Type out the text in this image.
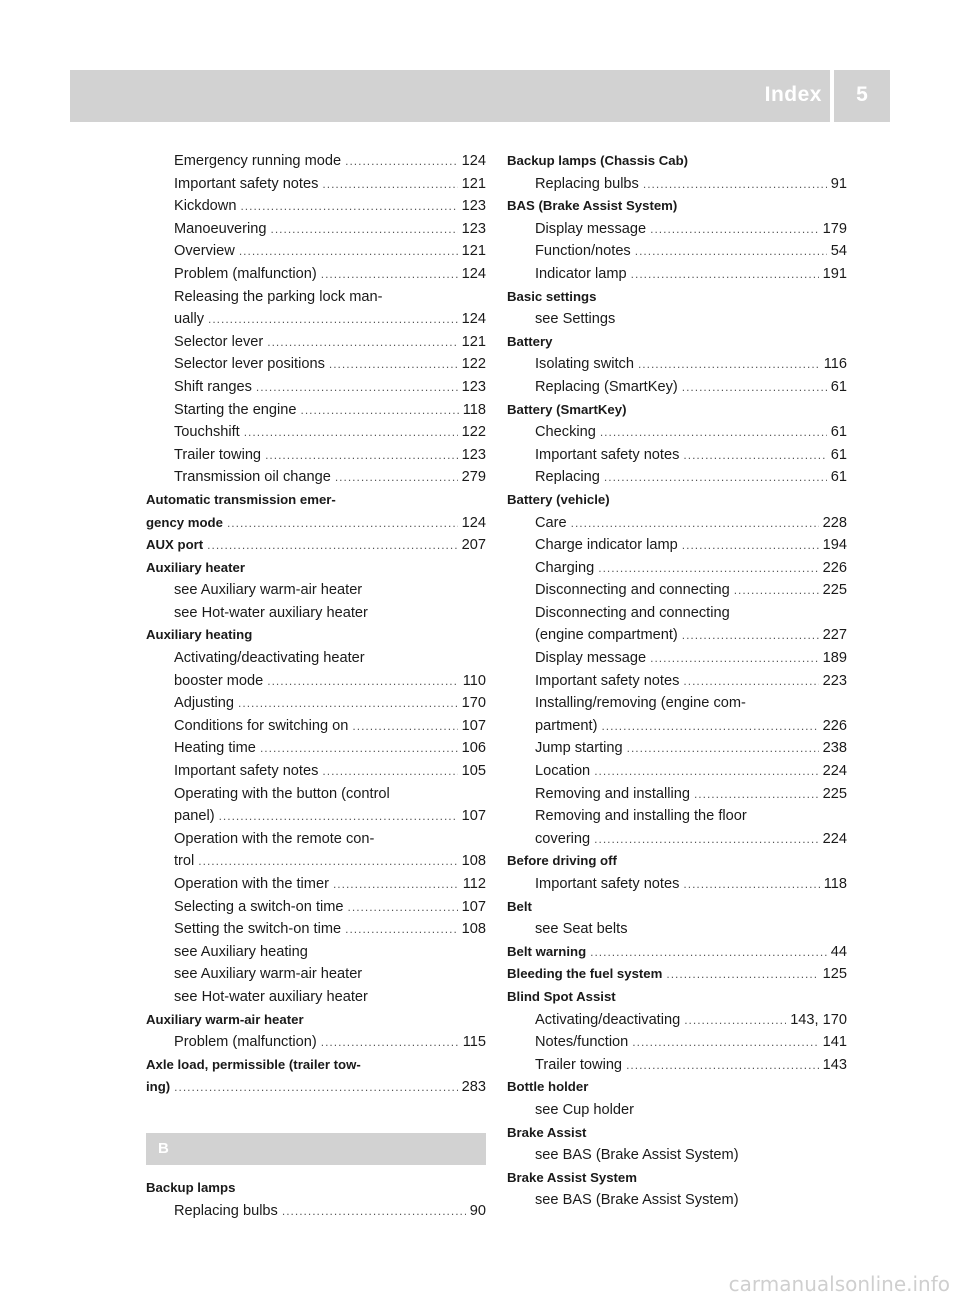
Index	5
Emergency running mode .....	124
Important safety notes .....	121
Kickdown .....	123
Manoeuvering .....	123
Overview .....	121
Problem (malfunction) .....	124
Releasing the parking lock man-
ually .....	124
Selector lever .....	121
Selector lever positions .....	122
Shift ranges .....	123
Starting the engine .....	118
Touchshift .....	122
Trailer towing .....	123
Transmission oil change .....	279
Automatic transmission emer-
gency mode .....	124
AUX port .....	207
Auxiliary heater
see Auxiliary warm-air heater
see Hot-water auxiliary heater
Auxiliary heating
Activating/deactivating heater
booster mode .....	110
Adjusting .....	170
Conditions for switching on .....	107
Heating time .....	106
Important safety notes .....	105
Operating with the button (control
panel) .....	107
Operation with the remote con-
trol .....	108
Operation with the timer .....	112
Selecting a switch-on time .....	107
Setting the switch-on time .....	108
see Auxiliary heating
see Auxiliary warm-air heater
see Hot-water auxiliary heater
Auxiliary warm-air heater
Problem (malfunction) .....	115
Axle load, permissible (trailer tow-
ing) .....	283
B
Backup lamps
Replacing bulbs .....	90
Backup lamps (Chassis Cab)
Replacing bulbs .....	91
BAS (Brake Assist System)
Display message .....	179
Function/notes .....	54
Indicator lamp .....	191
Basic settings
see Settings
Battery
Isolating switch .....	116
Replacing (SmartKey) .....	61
Battery (SmartKey)
Checking .....	61
Important safety notes .....	61
Replacing .....	61
Battery (vehicle)
Care .....	228
Charge indicator lamp .....	194
Charging .....	226
Disconnecting and connecting .....	225
Disconnecting and connecting
(engine compartment) .....	227
Display message .....	189
Important safety notes .....	223
Installing/removing (engine com-
partment) .....	226
Jump starting .....	238
Location .....	224
Removing and installing .....	225
Removing and installing the floor
covering .....	224
Before driving off
Important safety notes .....	118
Belt
see Seat belts
Belt warning .....	44
Bleeding the fuel system .....	125
Blind Spot Assist
Activating/deactivating .....	143, 170
Notes/function .....	141
Trailer towing .....	143
Bottle holder
see Cup holder
Brake Assist
see BAS (Brake Assist System)
Brake Assist System
see BAS (Brake Assist System)
carmanualsonline.info
